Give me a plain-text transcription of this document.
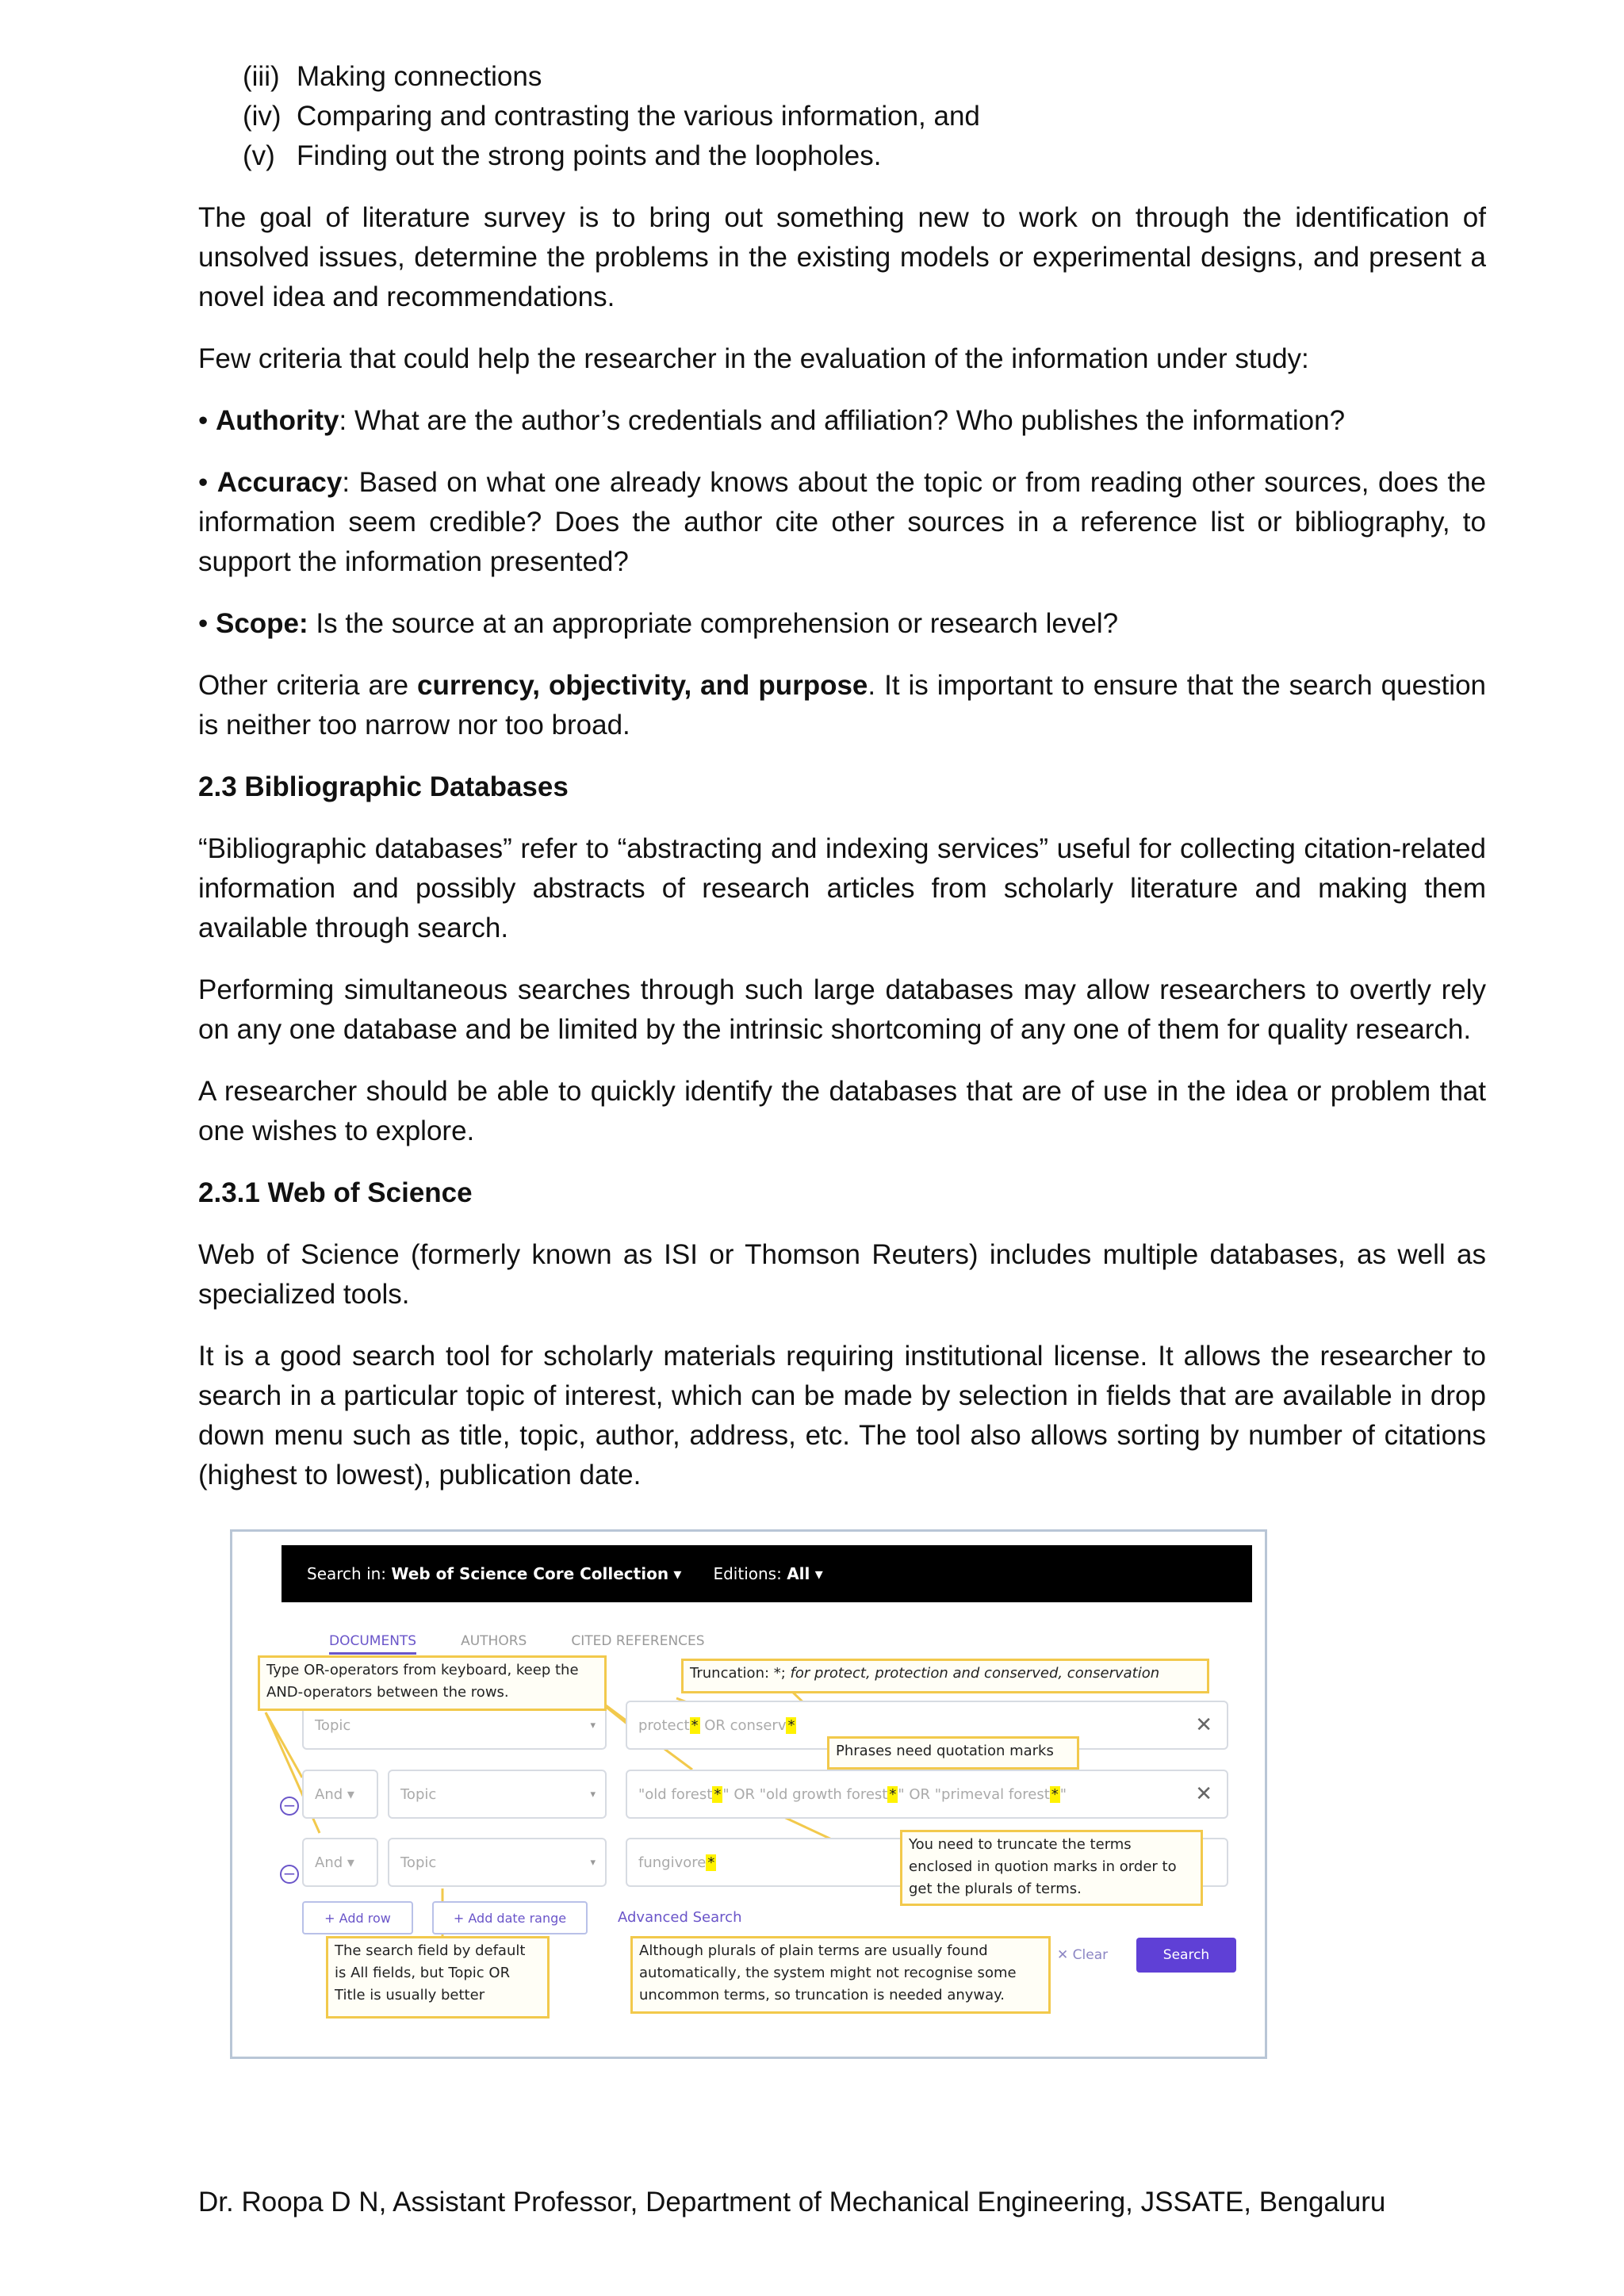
(iii) Making connections
(iv) Comparing and contrasting the various information, and
(v) Finding out the strong points and the loopholes.

The goal of literature survey is to bring out something new to work on through the identification of unsolved issues, determine the problems in the existing models or experimental designs, and present a novel idea and recommendations.

Few criteria that could help the researcher in the evaluation of the information under study:

• Authority: What are the author’s credentials and affiliation? Who publishes the information?

• Accuracy: Based on what one already knows about the topic or from reading other sources, does the information seem credible? Does the author cite other sources in a reference list or bibliography, to support the information presented?

• Scope: Is the source at an appropriate comprehension or research level?

Other criteria are currency, objectivity, and purpose. It is important to ensure that the search question is neither too narrow nor too broad.

2.3 Bibliographic Databases

“Bibliographic databases” refer to “abstracting and indexing services” useful for collecting citation-related information and possibly abstracts of research articles from scholarly literature and making them available through search.

Performing simultaneous searches through such large databases may allow researchers to overtly rely on any one database and be limited by the intrinsic shortcoming of any one of them for quality research.

A researcher should be able to quickly identify the databases that are of use in the idea or problem that one wishes to explore.

2.3.1 Web of Science

Web of Science (formerly known as ISI or Thomson Reuters) includes multiple databases, as well as specialized tools.

It is a good search tool for scholarly materials requiring institutional license. It allows the researcher to search in a particular topic of interest, which can be made by selection in fields that are available in drop down menu such as title, topic, author, address, etc. The tool also allows sorting by number of citations (highest to lowest), publication date.

Search in: Web of Science Core Collection ▾ Editions: All ▾
DOCUMENTS	AUTHORS	CITED REFERENCES
Topic	▾	protect * OR conserv *	✕
−
And ▾	Topic	▾	"old forest * " OR "old growth forest * " OR "primeval forest * "	✕
−
And ▾	Topic	▾	fungivore *
+ Add row	+ Add date range	Advanced Search
✕ Clear	Search
Type OR-operators from keyboard, keep the AND-operators between the rows.
Truncation: *; for protect, protection and conserved, conservation
Phrases need quotation marks
You need to truncate the terms enclosed in quotion marks in order to get the plurals of terms.
The search field by default is All fields, but Topic OR Title is usually better
Although plurals of plain terms are usually found automatically, the system might not recognise some uncommon terms, so truncation is needed anyway.
Dr. Roopa D N, Assistant Professor, Department of Mechanical Engineering, JSSATE, Bengaluru
